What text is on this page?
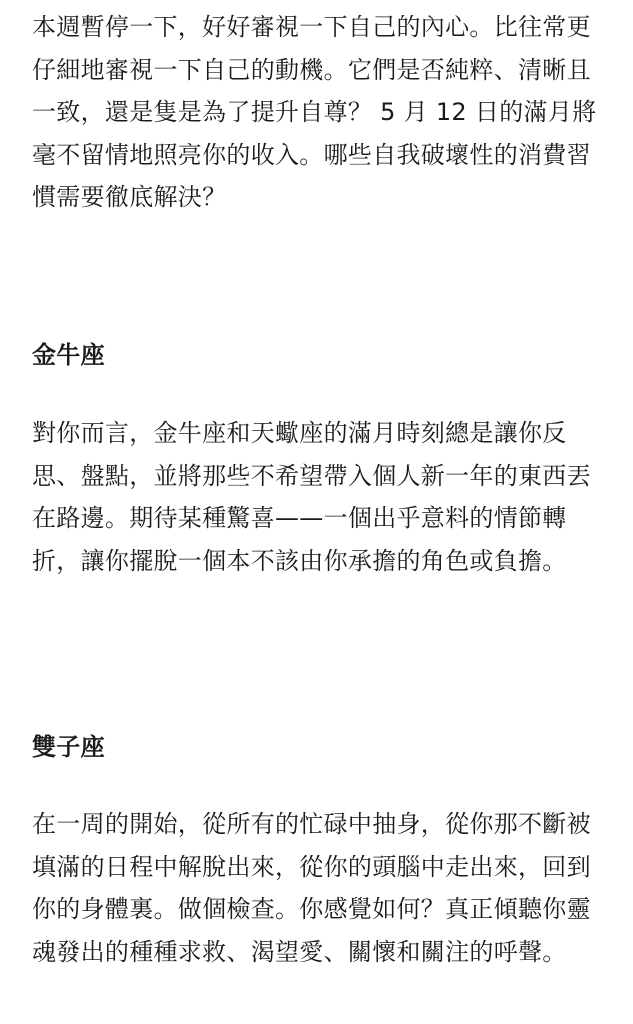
本週暫停一下，好好審視一下自己的內心。比往常更仔細地審視一下自己的動機。它們是否純粹、清晰且一致，還是隻是為了提升自尊？ 5 月 12 日的滿月將毫不留情地照亮你的收入。哪些自我破壞性的消費習慣需要徹底解決？

金牛座

對你而言，金牛座和天蠍座的滿月時刻總是讓你反思、盤點，並將那些不希望帶入個人新一年的東西丟在路邊。期待某種驚喜——一個出乎意料的情節轉折，讓你擺脫一個本不該由你承擔的角色或負擔。

雙子座

在一周的開始，從所有的忙碌中抽身，從你那不斷被填滿的日程中解脫出來，從你的頭腦中走出來，回到你的身體裏。做個檢查。你感覺如何？真正傾聽你靈魂發出的種種求救、渴望愛、關懷和關注的呼聲。
